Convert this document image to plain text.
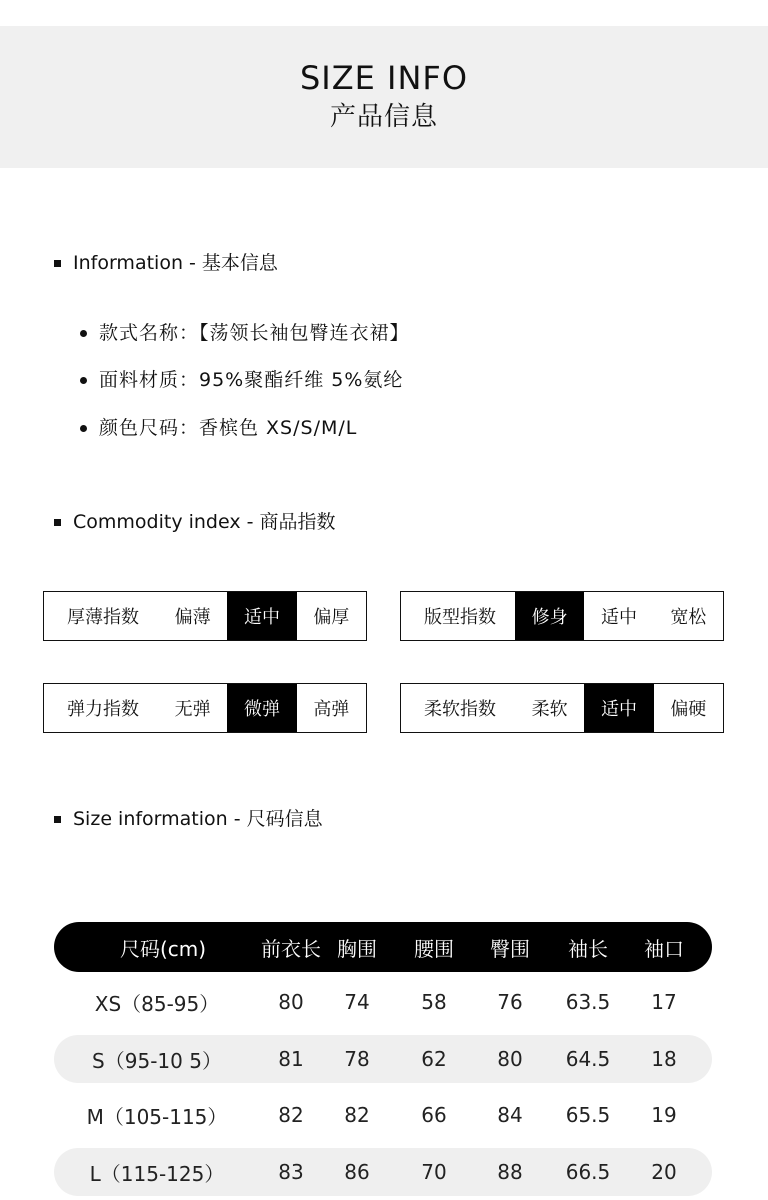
SIZE INFO
产品信息
Information - 基本信息
款式名称：【荡领长袖包臀连衣裙】
面料材质：95%聚酯纤维 5%氨纶
颜色尺码：香槟色 XS/S/M/L
Commodity index - 商品指数
厚薄指数	偏薄	适中	偏厚	版型指数	修身	适中	宽松
弹力指数	无弹	微弹	高弹	柔软指数	柔软	适中	偏硬
Size information - 尺码信息
尺码(cm)	前衣长 胸围 腰围 臀围 袖长 袖口
XS（85-95）	80 74	58	76 63.5 17
S（95-10 5）	81 78	62	80 64.5 18
M（105-115）	82 82	66	84 65.5 19
L（115-125）	83 86	70	88 66.5 20
